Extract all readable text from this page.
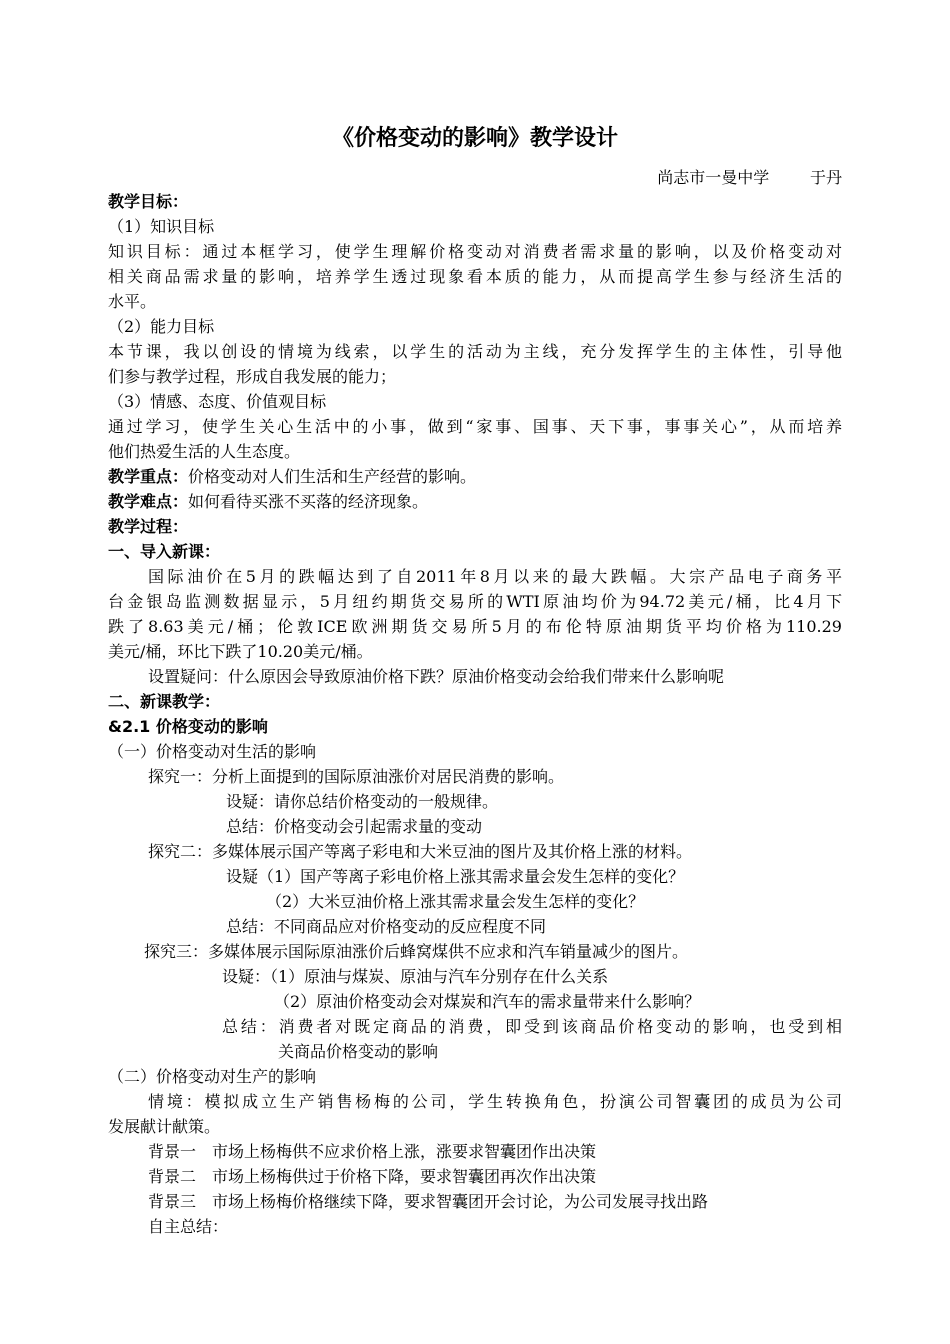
《价格变动的影响》教学设计
尚志市一曼中学	于丹
教学目标：
（1）知识目标
知识目标：通过本框学习，使学生理解价格变动对消费者需求量的影响，以及价格变动对
相关商品需求量的影响，培养学生透过现象看本质的能力，从而提高学生参与经济生活的
水平。
（2）能力目标
本节课，我以创设的情境为线索，以学生的活动为主线，充分发挥学生的主体性，引导他
们参与教学过程，形成自我发展的能力；
（3）情感、态度、价值观目标
通过学习，使学生关心生活中的小事，做到“家事、国事、天下事，事事关心”，从而培养
他们热爱生活的人生态度。
教学重点：价格变动对人们生活和生产经营的影响。
教学难点：如何看待买涨不买落的经济现象。
教学过程：
一、导入新课：
国际油价在5月的跌幅达到了自2011年8月以来的最大跌幅。大宗产品电子商务平
台金银岛监测数据显示，5月纽约期货交易所的WTI原油均价为94.72美元/桶，比4月下
跌了8.63美元/桶；伦敦ICE欧洲期货交易所5月的布伦特原油期货平均价格为110.29
美元/桶，环比下跌了10.20美元/桶。
设置疑问：什么原因会导致原油价格下跌？原油价格变动会给我们带来什么影响呢
二、新课教学：
&2.1 价格变动的影响
（一）价格变动对生活的影响
探究一：分析上面提到的国际原油涨价对居民消费的影响。
设疑：请你总结价格变动的一般规律。
总结：价格变动会引起需求量的变动
探究二：多媒体展示国产等离子彩电和大米豆油的图片及其价格上涨的材料。
设疑（1）国产等离子彩电价格上涨其需求量会发生怎样的变化？
（2）大米豆油价格上涨其需求量会发生怎样的变化？
总结：不同商品应对价格变动的反应程度不同
探究三：多媒体展示国际原油涨价后蜂窝煤供不应求和汽车销量减少的图片。
设疑：（1）原油与煤炭、原油与汽车分别存在什么关系
（2）原油价格变动会对煤炭和汽车的需求量带来什么影响？
总结：消费者对既定商品的消费，即受到该商品价格变动的影响，也受到相
关商品价格变动的影响
（二）价格变动对生产的影响
情境：模拟成立生产销售杨梅的公司，学生转换角色，扮演公司智囊团的成员为公司
发展献计献策。
背景一　市场上杨梅供不应求价格上涨，涨要求智囊团作出决策
背景二　市场上杨梅供过于价格下降，要求智囊团再次作出决策
背景三　市场上杨梅价格继续下降，要求智囊团开会讨论，为公司发展寻找出路
自主总结：
